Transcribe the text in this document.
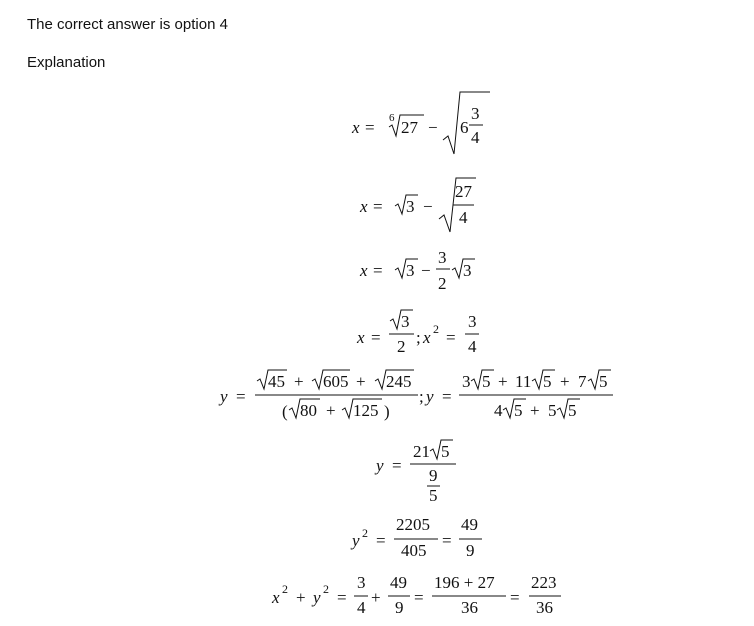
The correct answer is option 4
Explanation
x = 6 27 − 6
3
4
x = 3 −
27
4
x = 3 −
3
2
3
x =
3
2 ; x 2 =
3
4
y =
45 + 605 + 245
( 80 + 125 )
; y =
3 5 + 11 5 + 7 5
4 5 + 5 5
y =
21 5
9
5
y 2 =
2205
405
=
49
9
x 2 + y 2 =
3
4
+
49
9
=
196 + 27
36
=
223
36
